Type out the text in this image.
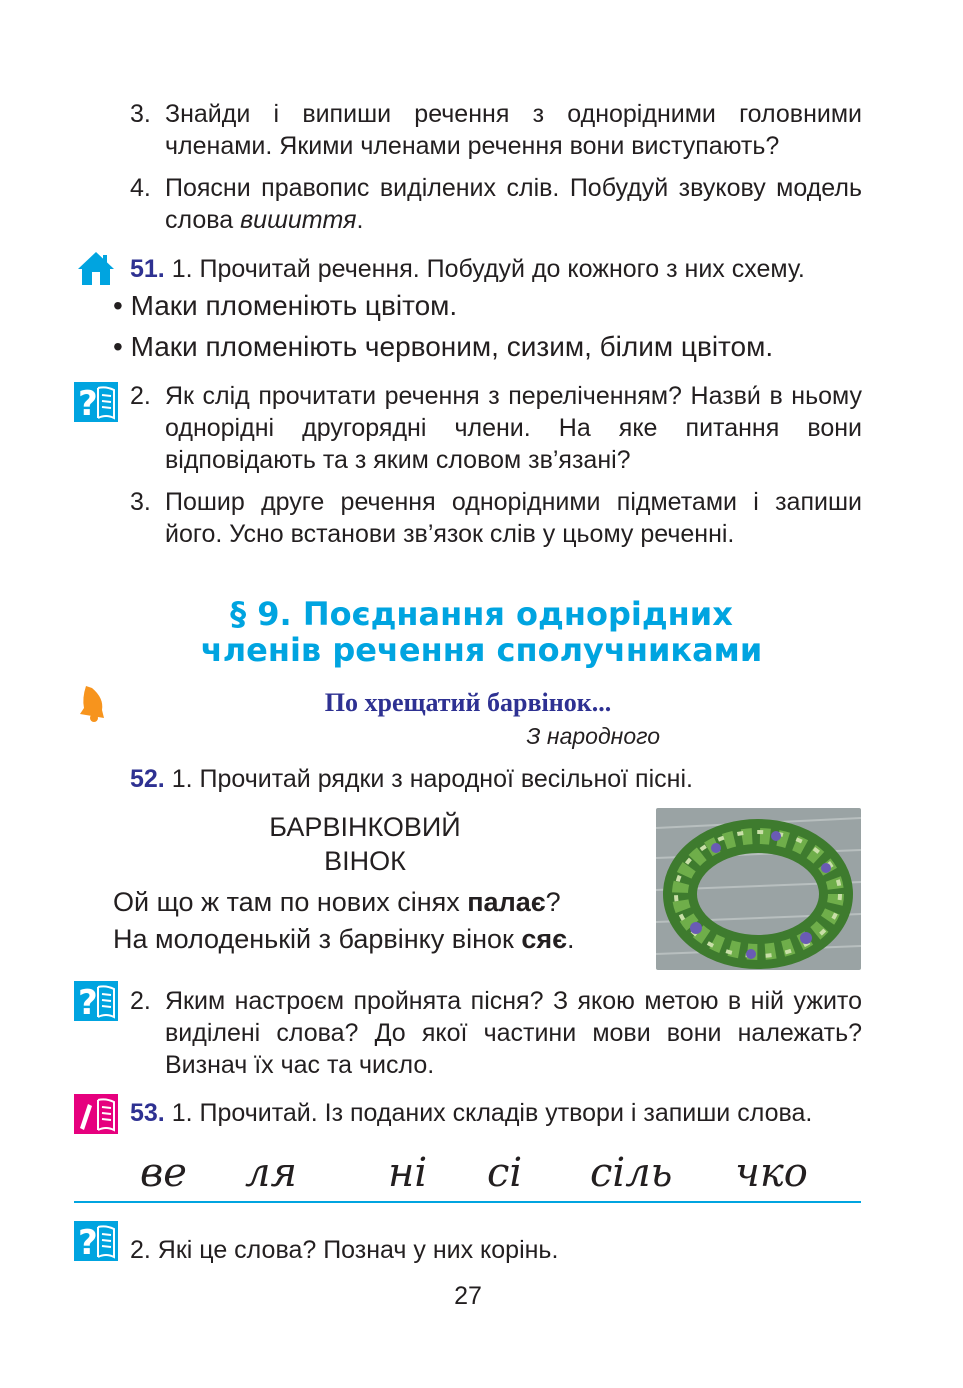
3. Знайди і випиши речення з однорідними головними членами. Якими членами речення вони виступають?
4. Поясни правопис виділених слів. Побудуй звукову модель слова вишиття.
51. 1. Прочитай речення. Побудуй до кожного з них схему.
• Маки пломеніють цвітом.
• Маки пломеніють червоним, сизим, білим цвітом.
? 2. Як слід прочитати речення з переліченням? Назви́ в ньому однорідні другорядні члени. На яке питання вони відповідають та з яким словом зв’язані?
3. Пошир друге речення однорідними підметами і запиши його. Усно встанови зв’язок слів у цьому реченні.
§ 9. Поєднання однорідних
членів речення сполучниками
По хрещатий барвінок...
З народного
52. 1. Прочитай рядки з народної весільної пісні.
БАРВІНКОВИЙ
ВІНОК
Ой що ж там по нових сінях палає?
На молоденькій з барвінку вінок сяє.
? 2. Яким настроєм пройнята пісня? З якою метою в ній ужито виділені слова? До якої частини мови вони належать? Визнач їх час та число.
53. 1. Прочитай. Із поданих складів утвори і запиши слова.
ве ля ні сі сіль чко
? 2. Які це слова? Познач у них корінь.
27
